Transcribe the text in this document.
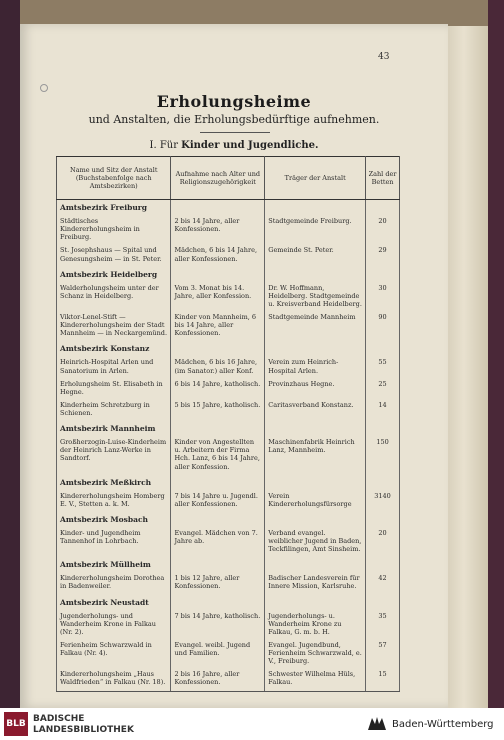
43
Erholungsheime
und Anstalten, die Erholungsbedürftige aufnehmen.
I. Für Kinder und Jugendliche.
Name und Sitz der Anstalt (Buchstabenfolge nach Amtsbezirken)	Aufnahme nach Alter und Religionszugehörigkeit	Träger der Anstalt	Zahl der Betten
Amtsbezirk Freiburg			
Städtisches Kindererholungsheim in Freiburg.	2 bis 14 Jahre, aller Konfessionen.	Stadtgemeinde Freiburg.	20
St. Josephshaus — Spital und Genesungsheim — in St. Peter.	Mädchen, 6 bis 14 Jahre, aller Konfessionen.	Gemeinde St. Peter.	29
Amtsbezirk Heidelberg			
Walderholungsheim unter der Schanz in Heidelberg.	Vom 3. Monat bis 14. Jahre, aller Konfession.	Dr. W. Hoffmann, Heidelberg. Stadtgemeinde u. Kreisverband Heidelberg.	30
Viktor-Lenel-Stift — Kindererholungsheim der Stadt Mannheim — in Neckargemünd.	Kinder von Mannheim, 6 bis 14 Jahre, aller Konfessionen.	Stadtgemeinde Mannheim	90
Amtsbezirk Konstanz			
Heinrich-Hospital Arlen und Sanatorium in Arlen.	Mädchen, 6 bis 16 Jahre, (im Sanator.) aller Konf.	Verein zum Heinrich-Hospital Arlen.	55
Erholungsheim St. Elisabeth in Hegne.	6 bis 14 Jahre, katholisch.	Provinzhaus Hegne.	25
Kinderheim Schretzburg in Schienen.	5 bis 15 Jahre, katholisch.	Caritasverband Konstanz.	14
Amtsbezirk Mannheim			
Großherzogin-Luise-Kinderheim der Heinrich Lanz-Werke in Sandtorf.	Kinder von Angestellten u. Arbeitern der Firma Hch. Lanz, 6 bis 14 Jahre, aller Konfession.	Maschinenfabrik Heinrich Lanz, Mannheim.	150
Amtsbezirk Meßkirch			
Kindererholungsheim Homberg E. V., Stetten a. k. M.	7 bis 14 Jahre u. Jugendl. aller Konfessionen.	Verein Kindererholungsfürsorge	3140
Amtsbezirk Mosbach			
Kinder- und Jugendheim Tannenhof in Lohrbach.	Evangel. Mädchen von 7. Jahre ab.	Verband evangel. weiblicher Jugend in Baden, Teckfilingen, Amt Sinsheim.	20
Amtsbezirk Müllheim			
Kindererholungsheim Dorothea in Badenweiler.	1 bis 12 Jahre, aller Konfessionen.	Badischer Landesverein für Innere Mission, Karlsruhe.	42
Amtsbezirk Neustadt			
Jugenderholungs- und Wanderheim Krone in Falkau (Nr. 2).	7 bis 14 Jahre, katholisch.	Jugenderholungs- u. Wanderheim Krone zu Falkau, G. m. b. H.	35
Ferienheim Schwarzwald in Falkau (Nr. 4).	Evangel. weibl. Jugend und Familien.	Evangel. Jugendbund, Ferienheim Schwarzwald, e. V., Freiburg.	57
Kindererholungsheim „Haus Waldfrieden“ in Falkau (Nr. 18).	2 bis 16 Jahre, aller Konfessionen.	Schwester Wilhelma Hüls, Falkau.	15
BLB BADISCHE
LANDESBIBLIOTHEK	Baden-Württemberg
